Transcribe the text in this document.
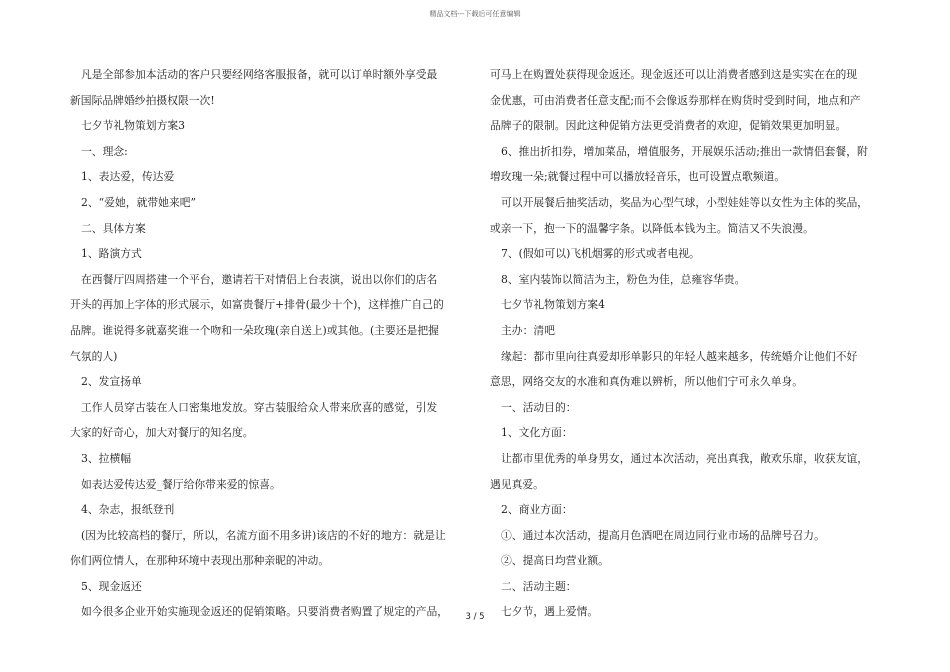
精品文档---下载后可任意编辑

凡是全部参加本活动的客户只要经网络客服报备，就可以订单时额外享受最

新国际品牌婚纱拍摄权限一次!

七夕节礼物策划方案3

一、理念:

1、表达爱，传达爱

2、“爱她，就带她来吧”

二、具体方案

1、路演方式

在西餐厅四周搭建一个平台，邀请若干对情侣上台表演，说出以你们的店名

开头的再加上字体的形式展示，如富贵餐厅+排骨(最少十个)，这样推广自己的

品牌。谁说得多就嘉奖谁一个吻和一朵玫瑰(亲自送上)或其他。(主要还是把握

气氛的人)

2、发宣扬单

工作人员穿古装在人口密集地发放。穿古装服给众人带来欣喜的感觉，引发

大家的好奇心，加大对餐厅的知名度。

3、拉横幅

如表达爱传达爱_餐厅给你带来爱的惊喜。

4、杂志，报纸登刊

(因为比较高档的餐厅，所以，名流方面不用多讲)该店的不好的地方：就是让

你们两位情人，在那种环境中表现出那种亲昵的冲动。

5、现金返还

如今很多企业开始实施现金返还的促销策略。只要消费者购置了规定的产品，

可马上在购置处获得现金返还。现金返还可以让消费者感到这是实实在在的现

金优惠，可由消费者任意支配;而不会像返券那样在购货时受到时间，地点和产

品牌子的限制。因此这种促销方法更受消费者的欢迎，促销效果更加明显。

6、推出折扣券，增加菜品，增值服务，开展娱乐活动;推出一款情侣套餐，附

增玫瑰一朵;就餐过程中可以播放轻音乐，也可设置点歌频道。

可以开展餐后抽奖活动，奖品为心型气球，小型娃娃等以女性为主体的奖品，

或亲一下，抱一下的温馨字条。以降低本钱为主。简洁又不失浪漫。

7、(假如可以)飞机烟雾的形式或者电视。

8、室内装饰以简洁为主，粉色为佳，总雍容华贵。

七夕节礼物策划方案4

主办：清吧

缘起：都市里向往真爱却形单影只的年轻人越来越多，传统婚介让他们不好

意思，网络交友的水准和真伪难以辨析，所以他们宁可永久单身。

一、活动目的：

1、文化方面：

让都市里优秀的单身男女，通过本次活动，亮出真我，敞欢乐扉，收获友谊，

遇见真爱。

2、商业方面：

①、通过本次活动，提高月色酒吧在周边同行业市场的品牌号召力。

②、提高日均营业额。

二、活动主题：

七夕节，遇上爱情。

3 / 5
